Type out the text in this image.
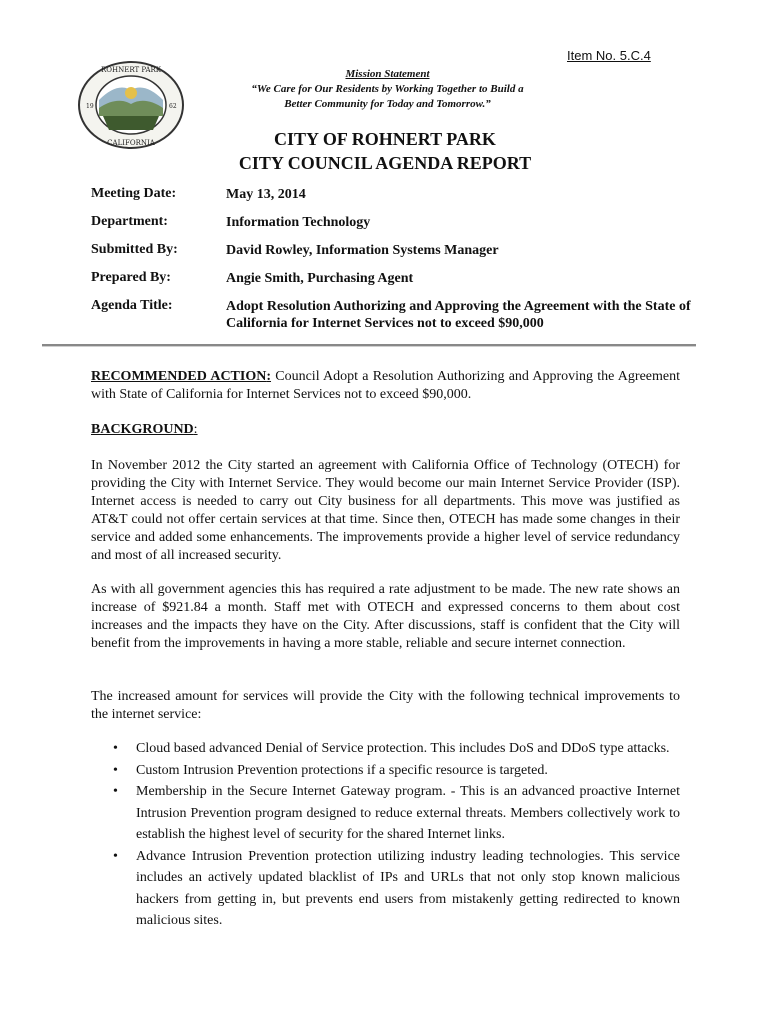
Item No. 5.C.4
ROHNERT PARK
CALIFORNIA
19	62
Mission Statement
“We Care for Our Residents by Working Together to Build a
Better Community for Today and Tomorrow.”
CITY OF ROHNERT PARK
CITY COUNCIL AGENDA REPORT
Meeting Date:	May 13, 2014
Department:	Information Technology
Submitted By:	David Rowley, Information Systems Manager
Prepared By:	Angie Smith, Purchasing Agent
Agenda Title:	Adopt Resolution Authorizing and Approving the Agreement with the State of California for Internet Services not to exceed $90,000
RECOMMENDED ACTION: Council Adopt a Resolution Authorizing and Approving the Agreement with State of California for Internet Services not to exceed $90,000.
BACKGROUND:
In November 2012 the City started an agreement with California Office of Technology (OTECH) for providing the City with Internet Service. They would become our main Internet Service Provider (ISP). Internet access is needed to carry out City business for all departments. This move was justified as AT&T could not offer certain services at that time. Since then, OTECH has made some changes in their service and added some enhancements. The improvements provide a higher level of service redundancy and most of all increased security.
As with all government agencies this has required a rate adjustment to be made. The new rate shows an increase of $921.84 a month. Staff met with OTECH and expressed concerns to them about cost increases and the impacts they have on the City. After discussions, staff is confident that the City will benefit from the improvements in having a more stable, reliable and secure internet connection.
The increased amount for services will provide the City with the following technical improvements to the internet service:
• Cloud based advanced Denial of Service protection. This includes DoS and DDoS type attacks.
• Custom Intrusion Prevention protections if a specific resource is targeted.
• Membership in the Secure Internet Gateway program. - This is an advanced proactive Internet Intrusion Prevention program designed to reduce external threats. Members collectively work to establish the highest level of security for the shared Internet links.
• Advance Intrusion Prevention protection utilizing industry leading technologies. This service includes an actively updated blacklist of IPs and URLs that not only stop known malicious hackers from getting in, but prevents end users from mistakenly getting redirected to known malicious sites.
